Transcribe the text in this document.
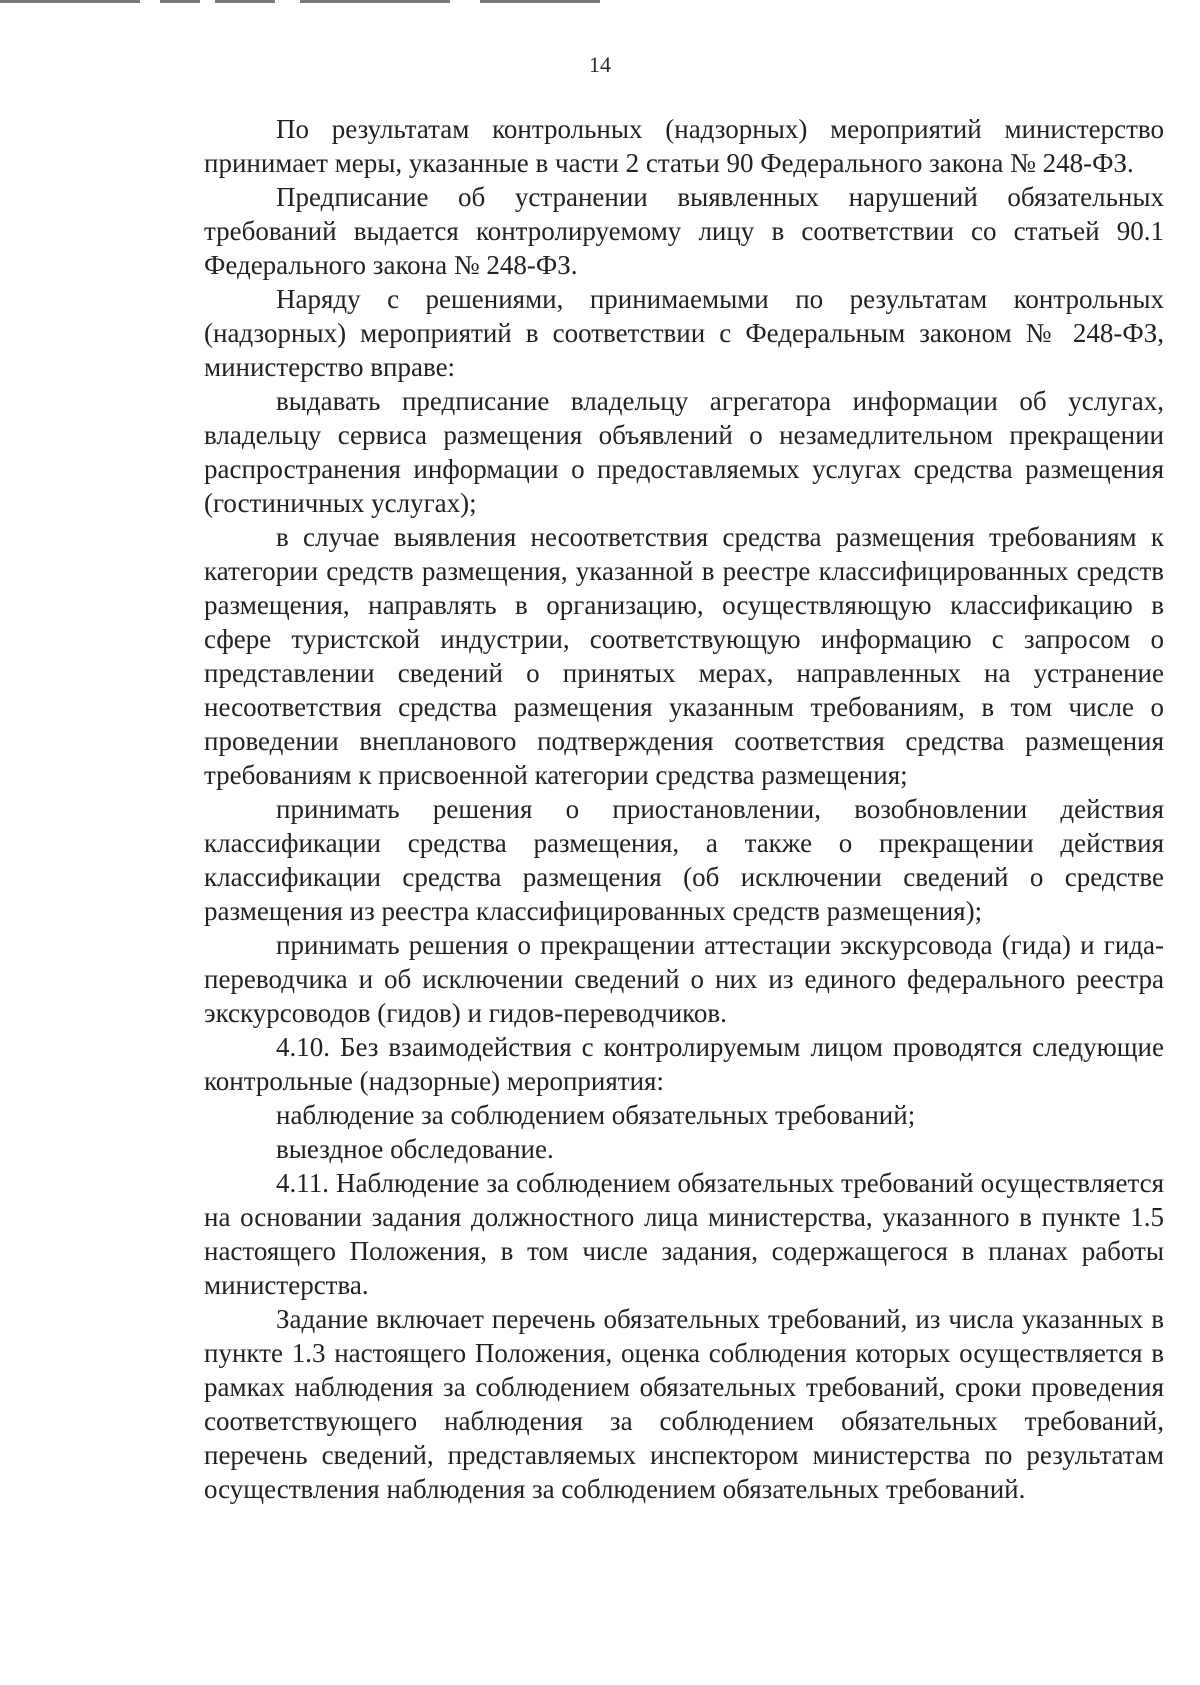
14

По результатам контрольных (надзорных) мероприятий министерство принимает меры, указанные в части 2 статьи 90 Федерального закона № 248-ФЗ.

Предписание об устранении выявленных нарушений обязательных требований выдается контролируемому лицу в соответствии со статьей 90.1 Федерального закона № 248-ФЗ.

Наряду с решениями, принимаемыми по результатам контрольных (надзорных) мероприятий в соответствии с Федеральным законом № 248-ФЗ, министерство вправе:

выдавать предписание владельцу агрегатора информации об услугах, владельцу сервиса размещения объявлений о незамедлительном прекращении распространения информации о предоставляемых услугах средства размещения (гостиничных услугах);

в случае выявления несоответствия средства размещения требованиям к категории средств размещения, указанной в реестре классифицированных средств размещения, направлять в организацию, осуществляющую классификацию в сфере туристской индустрии, соответствующую информацию с запросом о представлении сведений о принятых мерах, направленных на устранение несоответствия средства размещения указанным требованиям, в том числе о проведении внепланового подтверждения соответствия средства размещения требованиям к присвоенной категории средства размещения;

принимать решения о приостановлении, возобновлении действия классификации средства размещения, а также о прекращении действия классификации средства размещения (об исключении сведений о средстве размещения из реестра классифицированных средств размещения);

принимать решения о прекращении аттестации экскурсовода (гида) и гида-переводчика и об исключении сведений о них из единого федерального реестра экскурсоводов (гидов) и гидов-переводчиков.

4.10. Без взаимодействия с контролируемым лицом проводятся следующие контрольные (надзорные) мероприятия:

наблюдение за соблюдением обязательных требований;

выездное обследование.

4.11. Наблюдение за соблюдением обязательных требований осуществляется на основании задания должностного лица министерства, указанного в пункте 1.5 настоящего Положения, в том числе задания, содержащегося в планах работы министерства.

Задание включает перечень обязательных требований, из числа указанных в пункте 1.3 настоящего Положения, оценка соблюдения которых осуществляется в рамках наблюдения за соблюдением обязательных требований, сроки проведения соответствующего наблюдения за соблюдением обязательных требований, перечень сведений, представляемых инспектором министерства по результатам осуществления наблюдения за соблюдением обязательных требований.
